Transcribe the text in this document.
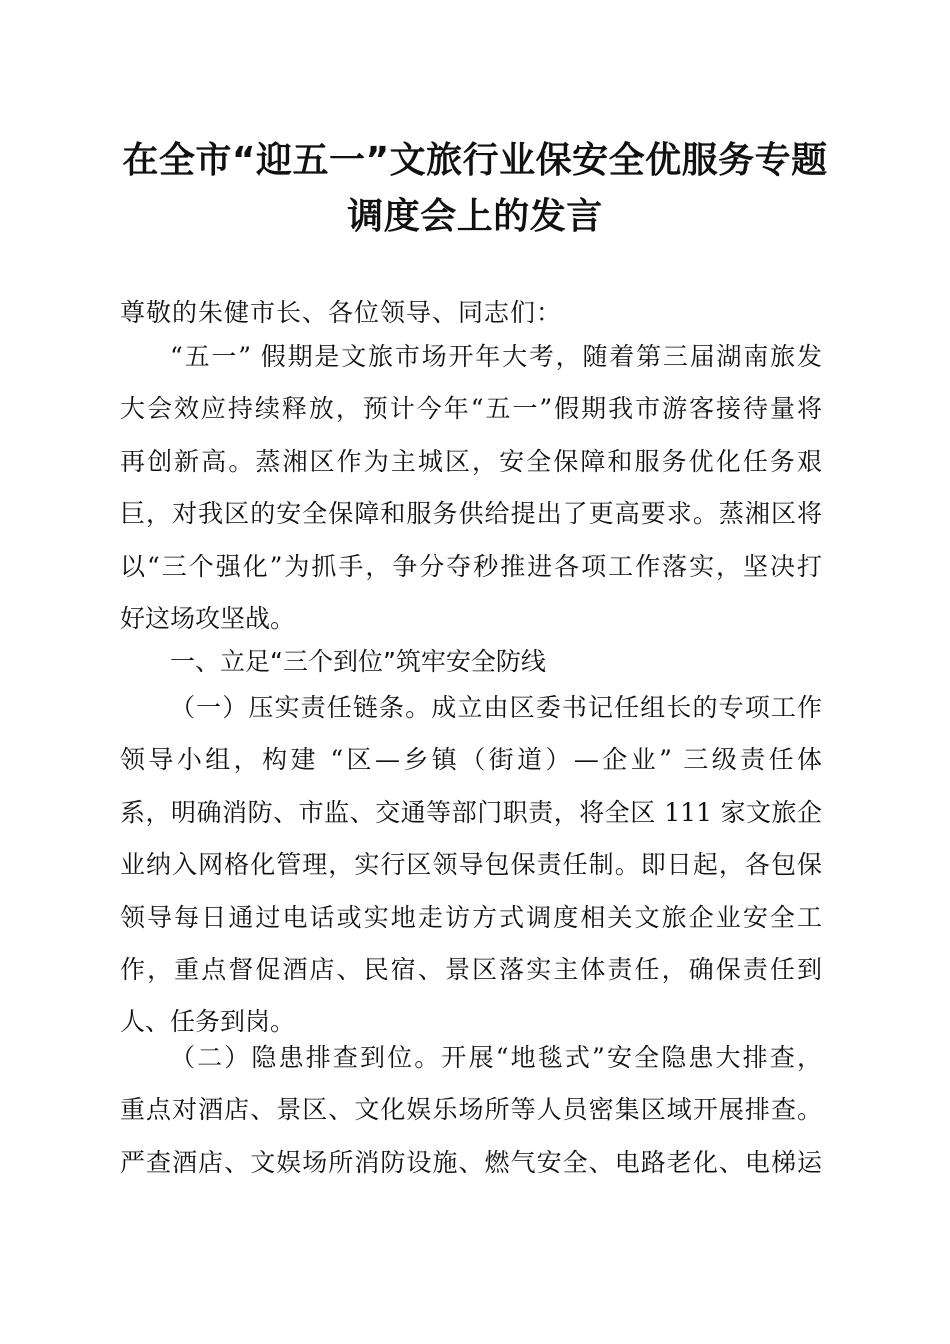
在全市“迎五一”文旅行业保安全优服务专题
调度会上的发言
尊敬的朱健市长、各位领导、同志们：
“五一” 假期是文旅市场开年大考，随着第三届湖南旅发
大会效应持续释放，预计今年“五一”假期我市游客接待量将
再创新高。蒸湘区作为主城区，安全保障和服务优化任务艰
巨，对我区的安全保障和服务供给提出了更高要求。蒸湘区将
以“三个强化”为抓手，争分夺秒推进各项工作落实，坚决打
好这场攻坚战。
一、立足“三个到位”筑牢安全防线
（一）压实责任链条。成立由区委书记任组长的专项工作
领导小组，构建 “区—乡镇（街道）—企业” 三级责任体
系，明确消防、市监、交通等部门职责，将全区 111 家文旅企
业纳入网格化管理，实行区领导包保责任制。即日起，各包保
领导每日通过电话或实地走访方式调度相关文旅企业安全工
作，重点督促酒店、民宿、景区落实主体责任，确保责任到
人、任务到岗。
（二）隐患排查到位。开展“地毯式”安全隐患大排查，
重点对酒店、景区、文化娱乐场所等人员密集区域开展排查。
严查酒店、文娱场所消防设施、燃气安全、电路老化、电梯运
